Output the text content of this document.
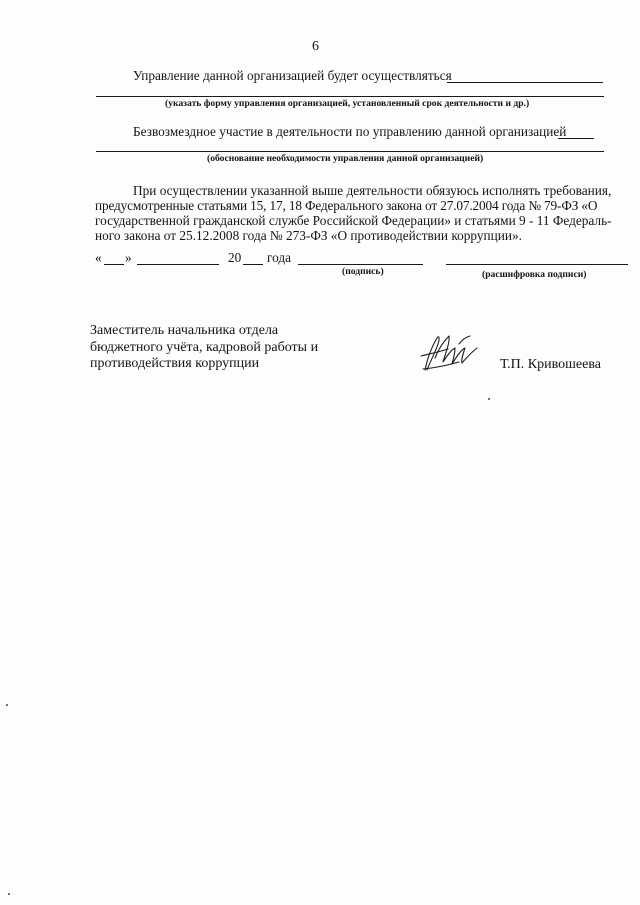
6
Управление данной организацией будет осуществляться
(указать форму управления организацией, установленный срок деятельности и др.)
Безвозмездное участие в деятельности по управлению данной организацией
(обоснование необходимости управления данной организацией)
При осуществлении указанной выше деятельности обязуюсь исполнять требования,
предусмотренные статьями 15, 17, 18 Федерального закона от 27.07.2004 года № 79-ФЗ «О
государственной гражданской службе Российской Федерации» и статьями 9 - 11 Федераль-
ного закона от 25.12.2008 года № 273-ФЗ «О противодействии коррупции».
« »	20 года
(подпись)	(расшифровка подписи)
Заместитель начальника отдела
бюджетного учёта, кадровой работы и
противодействия коррупции	Т.П. Кривошеева
